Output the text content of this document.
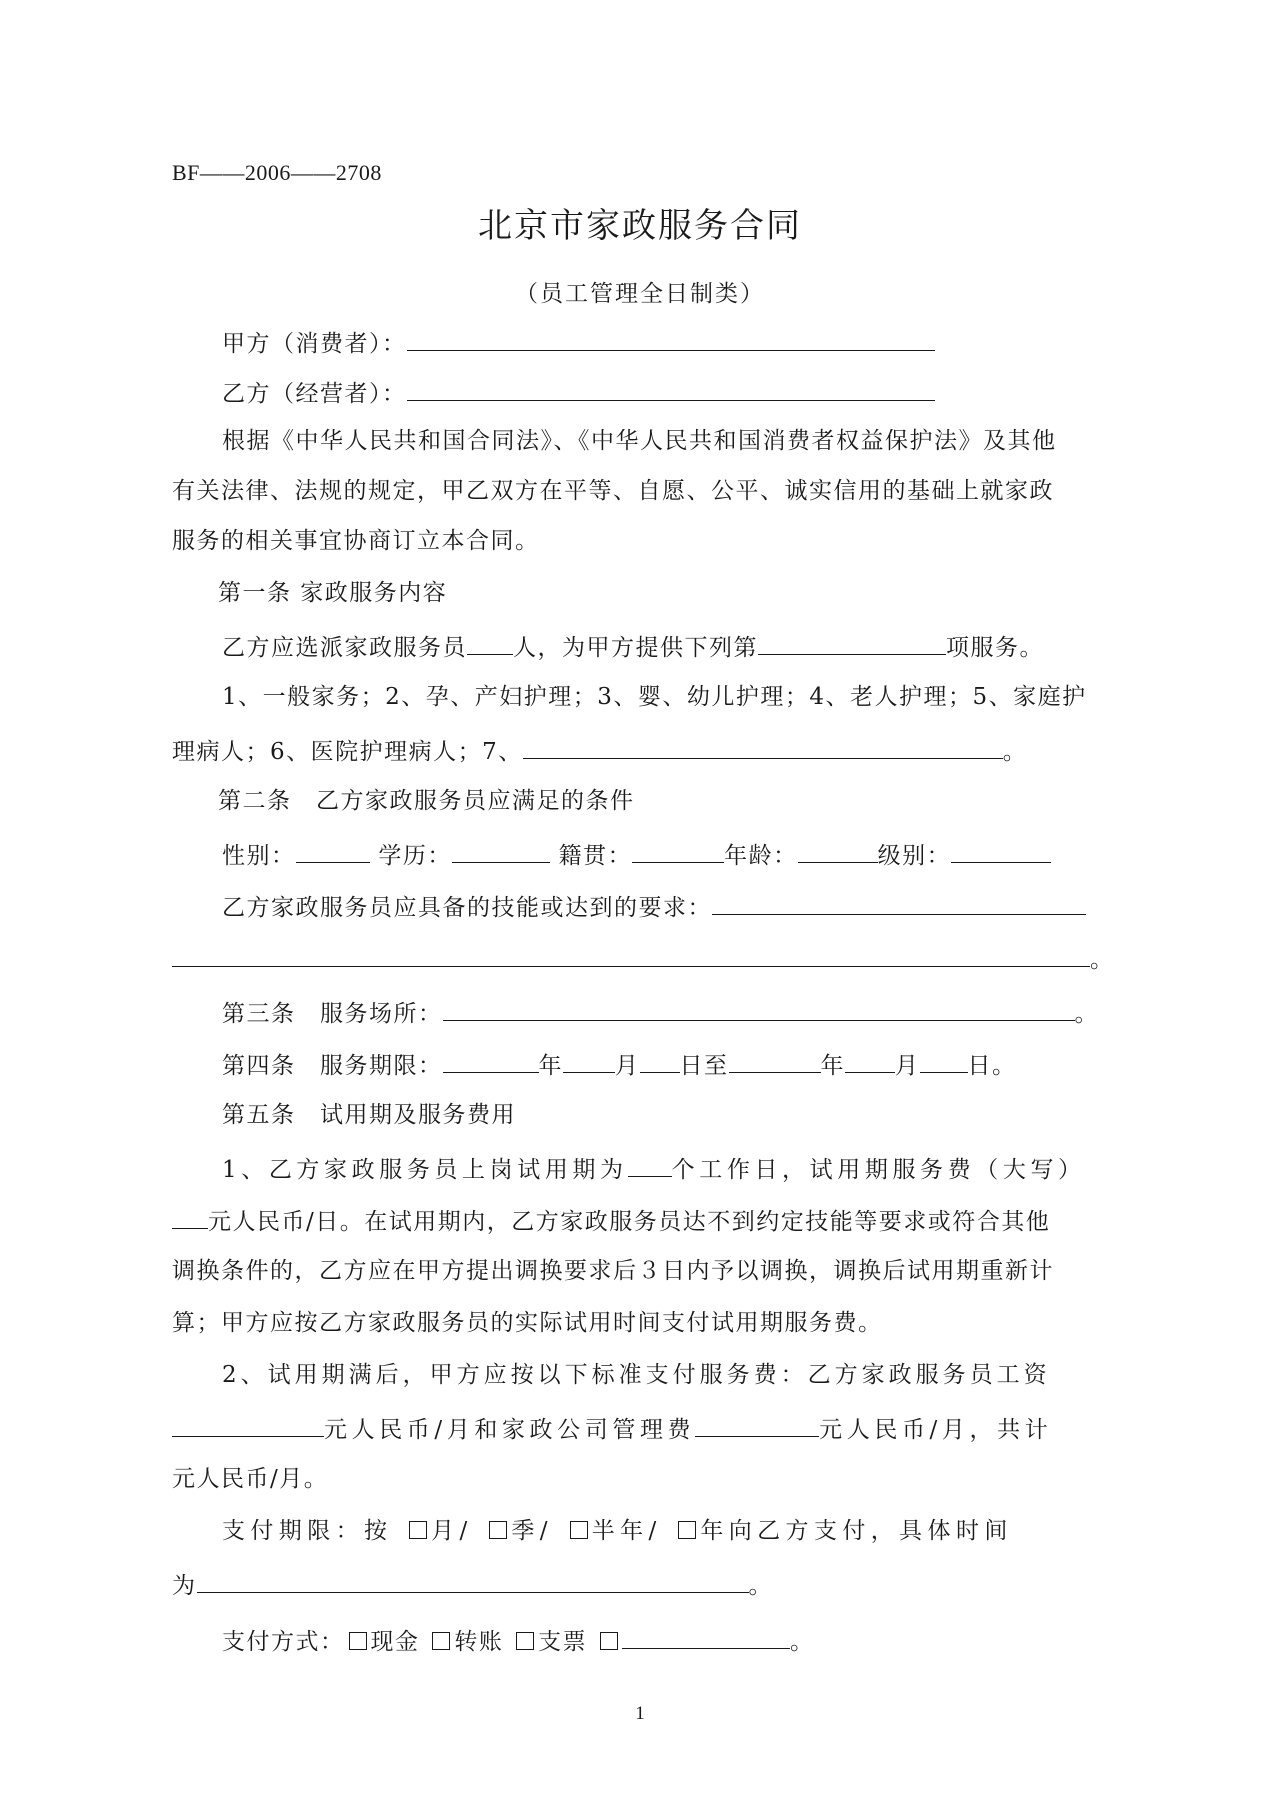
BF——2006——2708
北京市家政服务合同
（员工管理全日制类）
甲方（消费者）：
乙方（经营者）：
根据《中华人民共和国合同法》、《中华人民共和国消费者权益保护法》及其他
有关法律、法规的规定，甲乙双方在平等、自愿、公平、诚实信用的基础上就家政
服务的相关事宜协商订立本合同。
第一条 家政服务内容
乙方应选派家政服务员 人，为甲方提供下列第	项服务。
1、一般家务；2、孕、产妇护理；3、婴、幼儿护理；4、老人护理；5、家庭护
理病人；6、医院护理病人；7、	。
第二条　乙方家政服务员应满足的条件
性别：	学历：	籍贯：	年龄：	级别：
乙方家政服务员应具备的技能或达到的要求：
。
第三条　 服务场所：	。
第四条　 服务期限：	年 月 日至	年 月 日。
第五条　 试用期及服务费用
1、乙方家政服务员上岗试用期为 个工作日，试用期服务费（大写）
元人民币/日。在试用期内，乙方家政服务员达不到约定技能等要求或符合其他
调换条件的，乙方应在甲方提出调换要求后３日内予以调换，调换后试用期重新计
算；甲方应按乙方家政服务员的实际试用时间支付试用期服务费。
2、试用期满后，甲方应按以下标准支付服务费：乙方家政服务员工资
元人民币/月和家政公司管理费	元人民币/月，共计
元人民币/月。
支付期限：按 月/ 季/ 半年/ 年向乙方支付，具体时间
为	。
支付方式： 现金 转账 支票	。
1
